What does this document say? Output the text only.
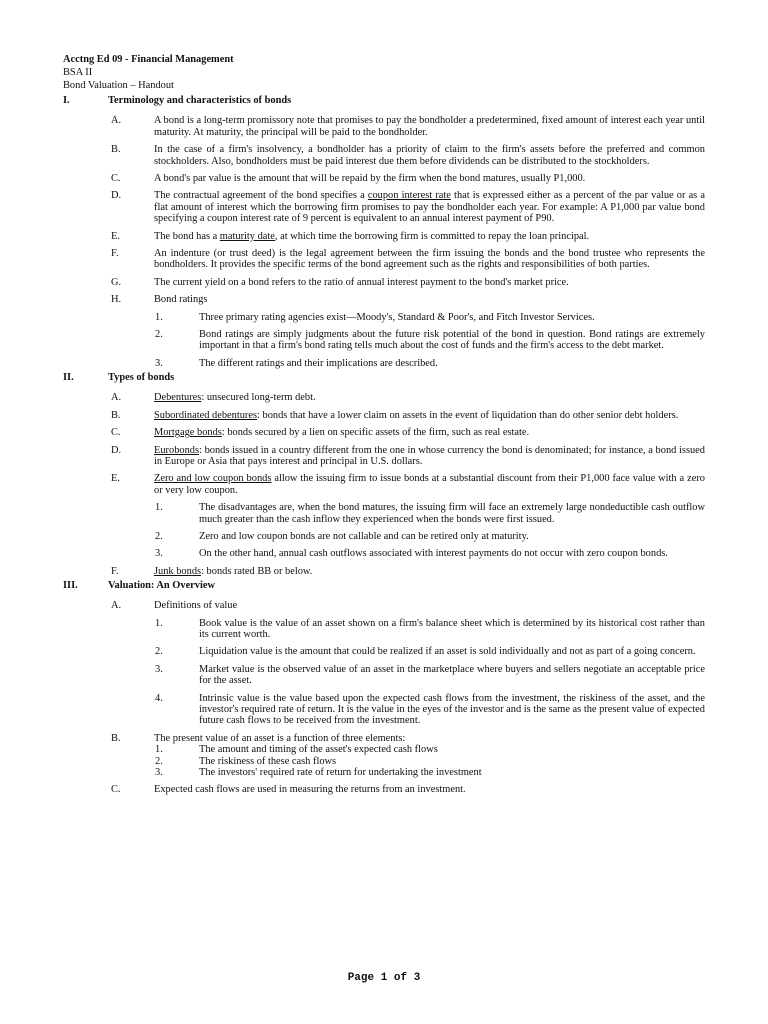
Acctng Ed 09 - Financial Management
BSA II
Bond Valuation – Handout
I.	Terminology and characteristics of bonds
A.	A bond is a long-term promissory note that promises to pay the bondholder a predetermined, fixed amount of interest each year until maturity. At maturity, the principal will be paid to the bondholder.
B.	In the case of a firm's insolvency, a bondholder has a priority of claim to the firm's assets before the preferred and common stockholders. Also, bondholders must be paid interest due them before dividends can be distributed to the stockholders.
C.	A bond's par value is the amount that will be repaid by the firm when the bond matures, usually P1,000.
D.	The contractual agreement of the bond specifies a coupon interest rate that is expressed either as a percent of the par value or as a flat amount of interest which the borrowing firm promises to pay the bondholder each year. For example: A P1,000 par value bond specifying a coupon interest rate of 9 percent is equivalent to an annual interest payment of P90.
E.	The bond has a maturity date, at which time the borrowing firm is committed to repay the loan principal.
F.	An indenture (or trust deed) is the legal agreement between the firm issuing the bonds and the bond trustee who represents the bondholders. It provides the specific terms of the bond agreement such as the rights and responsibilities of both parties.
G.	The current yield on a bond refers to the ratio of annual interest payment to the bond's market price.
H.	Bond ratings
1.	Three primary rating agencies exist—Moody's, Standard & Poor's, and Fitch Investor Services.
2.	Bond ratings are simply judgments about the future risk potential of the bond in question. Bond ratings are extremely important in that a firm's bond rating tells much about the cost of funds and the firm's access to the debt market.
3.	The different ratings and their implications are described.
II.	Types of bonds
A.	Debentures: unsecured long-term debt.
B.	Subordinated debentures: bonds that have a lower claim on assets in the event of liquidation than do other senior debt holders.
C.	Mortgage bonds: bonds secured by a lien on specific assets of the firm, such as real estate.
D.	Eurobonds: bonds issued in a country different from the one in whose currency the bond is denominated; for instance, a bond issued in Europe or Asia that pays interest and principal in U.S. dollars.
E.	Zero and low coupon bonds allow the issuing firm to issue bonds at a substantial discount from their P1,000 face value with a zero or very low coupon.
1.	The disadvantages are, when the bond matures, the issuing firm will face an extremely large nondeductible cash outflow much greater than the cash inflow they experienced when the bonds were first issued.
2.	Zero and low coupon bonds are not callable and can be retired only at maturity.
3.	On the other hand, annual cash outflows associated with interest payments do not occur with zero coupon bonds.
F.	Junk bonds: bonds rated BB or below.
III.	Valuation: An Overview
A.	Definitions of value
1.	Book value is the value of an asset shown on a firm's balance sheet which is determined by its historical cost rather than its current worth.
2.	Liquidation value is the amount that could be realized if an asset is sold individually and not as part of a going concern.
3.	Market value is the observed value of an asset in the marketplace where buyers and sellers negotiate an acceptable price for the asset.
4.	Intrinsic value is the value based upon the expected cash flows from the investment, the riskiness of the asset, and the investor's required rate of return. It is the value in the eyes of the investor and is the same as the present value of expected future cash flows to be received from the investment.
B.	The present value of an asset is a function of three elements:
1.	The amount and timing of the asset's expected cash flows
2.	The riskiness of these cash flows
3.	The investors' required rate of return for undertaking the investment
C.	Expected cash flows are used in measuring the returns from an investment.
Page 1 of 3
